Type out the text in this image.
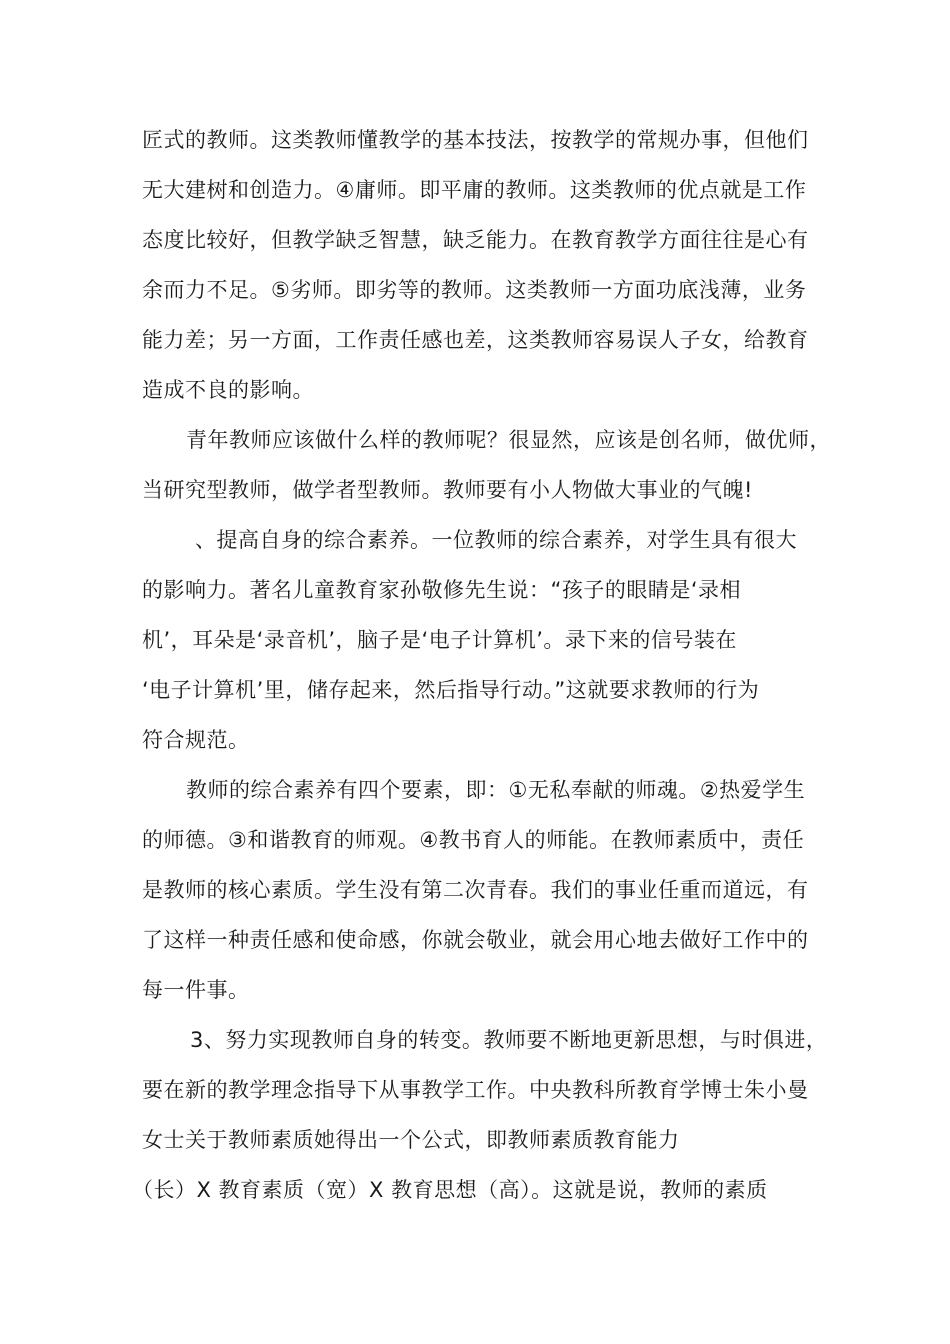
匠式的教师。这类教师懂教学的基本技法，按教学的常规办事，但他们
无大建树和创造力。④庸师。即平庸的教师。这类教师的优点就是工作
态度比较好，但教学缺乏智慧，缺乏能力。在教育教学方面往往是心有
余而力不足。⑤劣师。即劣等的教师。这类教师一方面功底浅薄，业务
能力差；另一方面，工作责任感也差，这类教师容易误人子女，给教育
造成不良的影响。
青年教师应该做什么样的教师呢？很显然，应该是创名师，做优师，
当研究型教师，做学者型教师。教师要有小人物做大事业的气魄!
、提高自身的综合素养。一位教师的综合素养，对学生具有很大
的影响力。著名儿童教育家孙敬修先生说：“孩子的眼睛是‘录相
机’，耳朵是‘录音机’，脑子是‘电子计算机’。录下来的信号装在
‘电子计算机’里，储存起来，然后指导行动。”这就要求教师的行为
符合规范。
教师的综合素养有四个要素，即：①无私奉献的师魂。②热爱学生
的师德。③和谐教育的师观。④教书育人的师能。在教师素质中，责任
是教师的核心素质。学生没有第二次青春。我们的事业任重而道远，有
了这样一种责任感和使命感，你就会敬业，就会用心地去做好工作中的
每一件事。
3、努力实现教师自身的转变。教师要不断地更新思想，与时俱进，
要在新的教学理念指导下从事教学工作。中央教科所教育学博士朱小曼
女士关于教师素质她得出一个公式，即教师素质教育能力
（长）X 教育素质（宽）X 教育思想（高）。这就是说，教师的素质
